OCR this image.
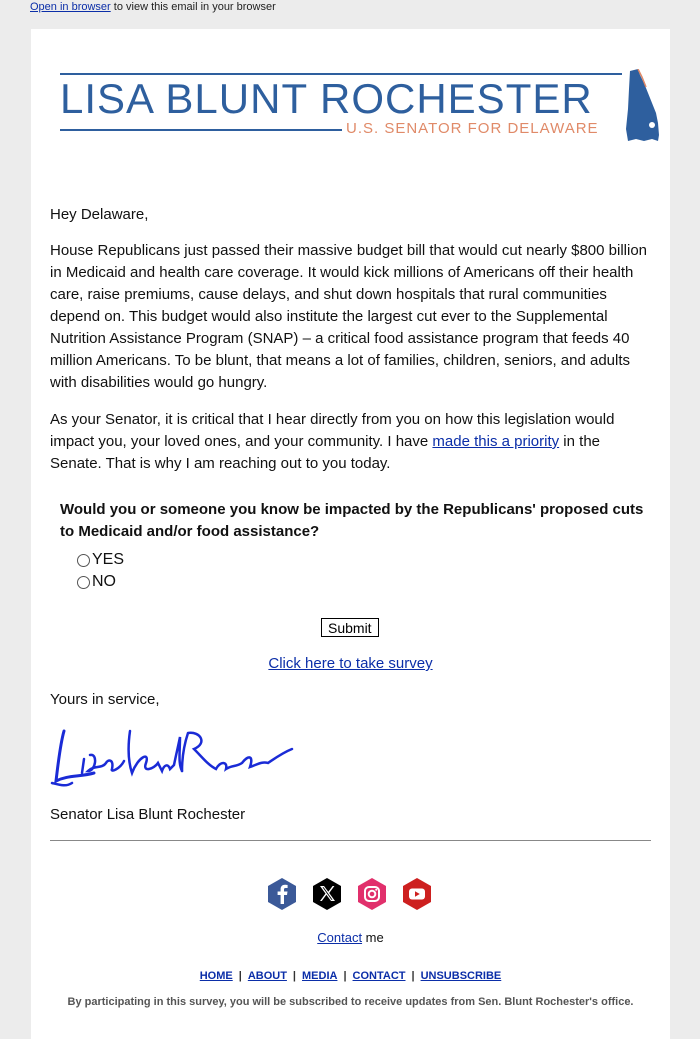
Open in browser to view this email in your browser
LISA BLUNT ROCHESTER
U.S. SENATOR FOR DELAWARE

Hey Delaware,

House Republicans just passed their massive budget bill that would cut nearly $800 billion in Medicaid and health care coverage. It would kick millions of Americans off their health care, raise premiums, cause delays, and shut down hospitals that rural communities depend on. This budget would also institute the largest cut ever to the Supplemental Nutrition Assistance Program (SNAP) – a critical food assistance program that feeds 40 million Americans. To be blunt, that means a lot of families, children, seniors, and adults with disabilities would go hungry.

As your Senator, it is critical that I hear directly from you on how this legislation would impact you, your loved ones, and your community. I have made this a priority in the Senate. That is why I am reaching out to you today.

Would you or someone you know be impacted by the Republicans' proposed cuts to Medicaid and/or food assistance?
YES
NO
Submit
Click here to take survey

Yours in service,

Senator Lisa Blunt Rochester

Contact me
HOME | ABOUT | MEDIA | CONTACT | UNSUBSCRIBE
By participating in this survey, you will be subscribed to receive updates from Sen. Blunt Rochester's office.
